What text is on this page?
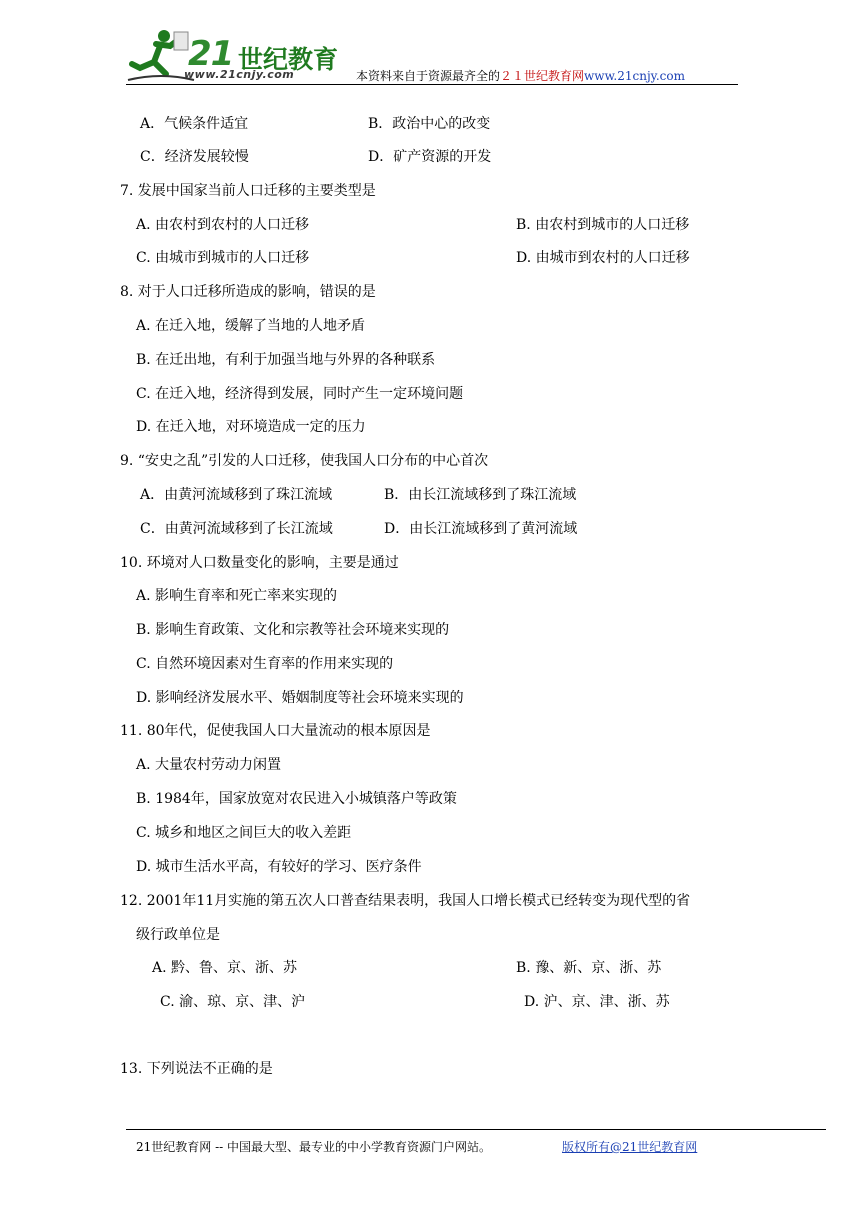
21 世纪教育
www.21cnjy.com	本资料来自于资源最齐全的２１世纪教育网www.21cnjy.com
A．气候条件适宜	B．政治中心的改变
C．经济发展较慢	D．矿产资源的开发
7. 发展中国家当前人口迁移的主要类型是
A. 由农村到农村的人口迁移	B. 由农村到城市的人口迁移
C. 由城市到城市的人口迁移	D. 由城市到农村的人口迁移
8. 对于人口迁移所造成的影响，错误的是
A. 在迁入地，缓解了当地的人地矛盾
B. 在迁出地，有利于加强当地与外界的各种联系
C. 在迁入地，经济得到发展，同时产生一定环境问题
D. 在迁入地，对环境造成一定的压力
9. “安史之乱”引发的人口迁移，使我国人口分布的中心首次
A．由黄河流域移到了珠江流域	B．由长江流域移到了珠江流域
C．由黄河流域移到了长江流域	D．由长江流域移到了黄河流域
10. 环境对人口数量变化的影响，主要是通过
A. 影响生育率和死亡率来实现的
B. 影响生育政策、文化和宗教等社会环境来实现的
C. 自然环境因素对生育率的作用来实现的
D. 影响经济发展水平、婚姻制度等社会环境来实现的
11. 80年代，促使我国人口大量流动的根本原因是
A. 大量农村劳动力闲置
B. 1984年，国家放宽对农民进入小城镇落户等政策
C. 城乡和地区之间巨大的收入差距
D. 城市生活水平高，有较好的学习、医疗条件
12. 2001年11月实施的第五次人口普查结果表明，我国人口增长模式已经转变为现代型的省
级行政单位是
A. 黔、鲁、京、浙、苏	B. 豫、新、京、浙、苏
C. 渝、琼、京、津、沪	D. 沪、京、津、浙、苏
13. 下列说法不正确的是
21世纪教育网 -- 中国最大型、最专业的中小学教育资源门户网站。	版权所有@21世纪教育网
